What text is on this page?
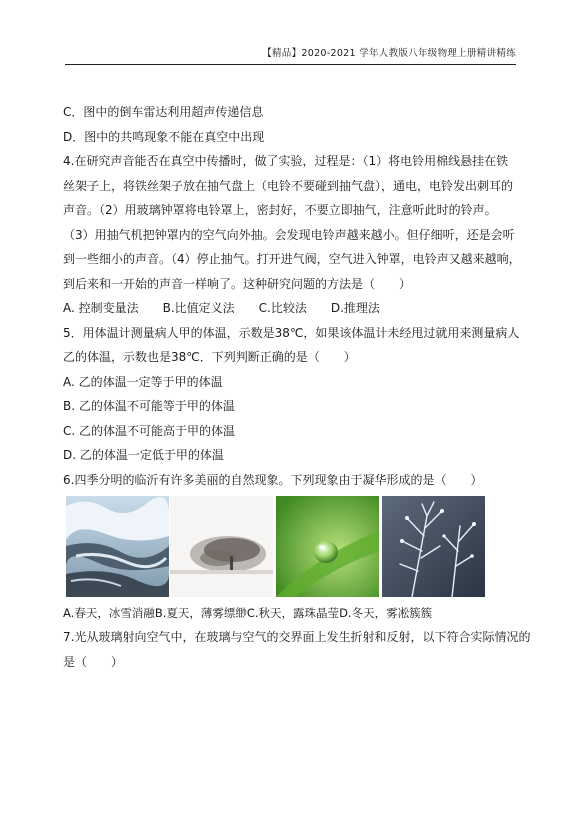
【精品】2020-2021 学年人教版八年级物理上册精讲精练
C．图中的倒车雷达利用超声传递信息
D．图中的共鸣现象不能在真空中出现
4.在研究声音能否在真空中传播时，做了实验，过程是：（1）将电铃用棉线悬挂在铁
丝架子上，将铁丝架子放在抽气盘上（电铃不要碰到抽气盘），通电，电铃发出刺耳的
声音。（2）用玻璃钟罩将电铃罩上，密封好，不要立即抽气，注意听此时的铃声。
（3）用抽气机把钟罩内的空气向外抽。会发现电铃声越来越小。但仔细听，还是会听
到一些细小的声音。（4）停止抽气。打开进气阀，空气进入钟罩，电铃声又越来越响，
到后来和一开始的声音一样响了。这种研究问题的方法是（　　）
A. 控制变量法　　B.比值定义法　　C.比较法　　D.推理法
5．用体温计测量病人甲的体温，示数是38℃，如果该体温计未经甩过就用来测量病人
乙的体温，示数也是38℃．下列判断正确的是（　　）
A. 乙的体温一定等于甲的体温
B. 乙的体温不可能等于甲的体温
C. 乙的体温不可能高于甲的体温
D. 乙的体温一定低于甲的体温
6.四季分明的临沂有许多美丽的自然现象。下列现象由于凝华形成的是（　　）
A.春天，冰雪消融B.夏天，薄雾缥缈C.秋天，露珠晶莹D.冬天，雾凇簇簇
7.光从玻璃射向空气中，在玻璃与空气的交界面上发生折射和反射，以下符合实际情况的
是（　　）
